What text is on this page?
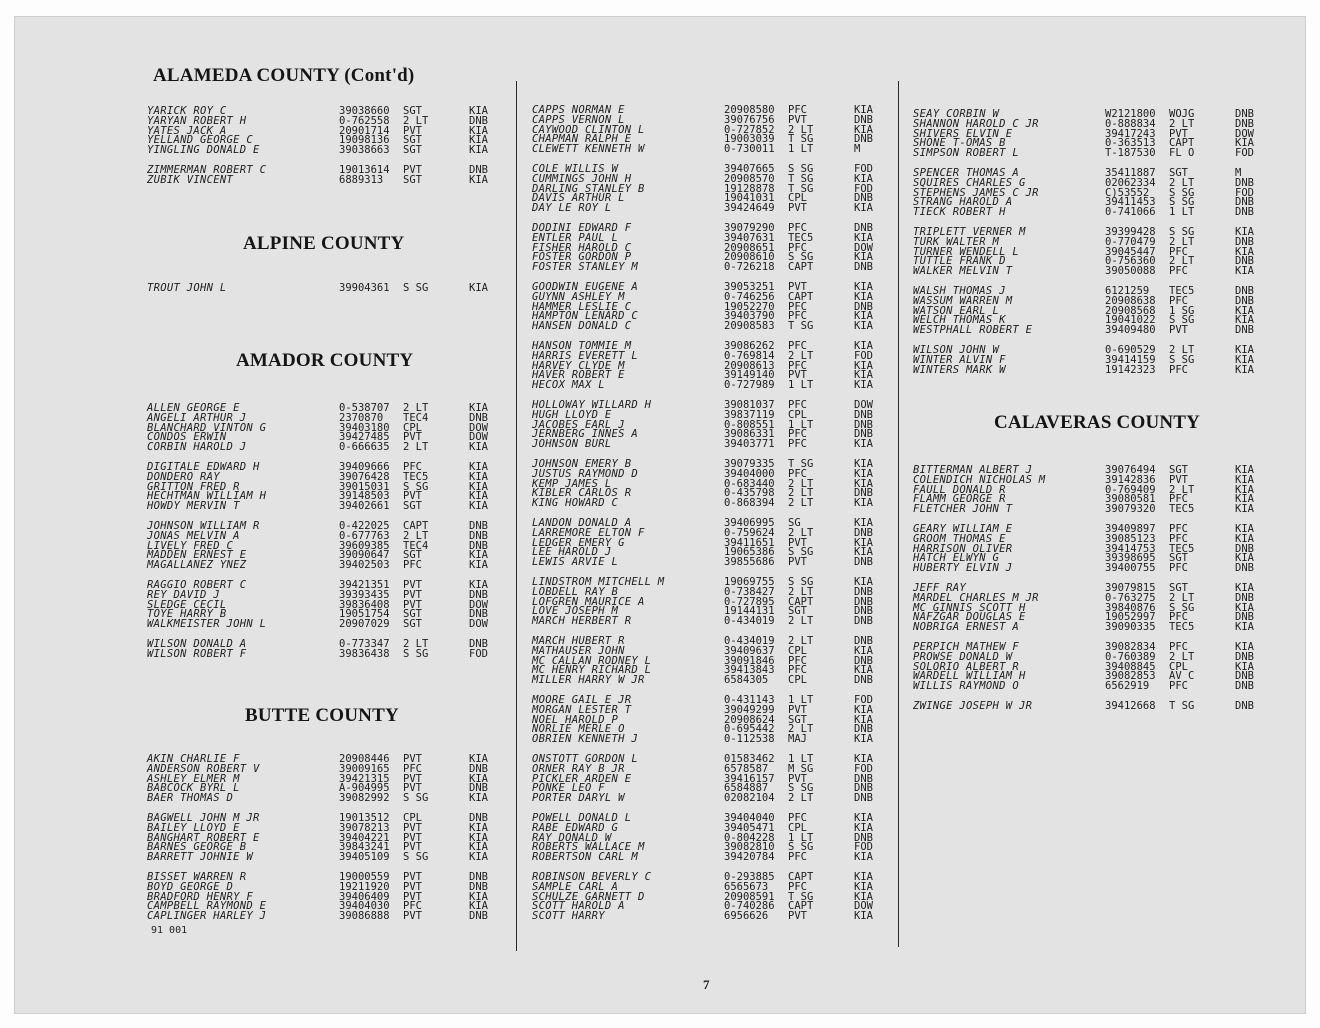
ALAMEDA COUNTY (Cont'd)
YARICK ROY C	39038660 SGT	KIA
YARYAN ROBERT H	0-762558 2 LT	DNB
YATES JACK A	20901714 PVT	KIA
YELLAND GEORGE C	19098136 SGT	KIA
YINGLING DONALD E	39038663 SGT	KIA
ZIMMERMAN ROBERT C	19013614 PVT	DNB
ZUBIK VINCENT	6889313 SGT	KIA
ALPINE COUNTY
TROUT JOHN L	39904361 S SG	KIA
AMADOR COUNTY
ALLEN GEORGE E	0-538707 2 LT	KIA
ANGELI ARTHUR J	2370870 TEC4	DNB
BLANCHARD VINTON G	39403180 CPL	DOW
CONDOS ERWIN	39427485 PVT	DOW
CORBIN HAROLD J	0-666635 2 LT	KIA
DIGITALE EDWARD H	39409666 PFC	KIA
DONDERO RAY	39076428 TEC5	KIA
GRITTON FRED R	39015031 S SG	KIA
HECHTMAN WILLIAM H	39148503 PVT	KIA
HOWDY MERVIN T	39402661 SGT	KIA
JOHNSON WILLIAM R	0-422025 CAPT	DNB
JONAS MELVIN A	0-677763 2 LT	DNB
LIVELY FRED C	39609385 TEC4	DNB
MADDEN ERNEST E	39090647 SGT	KIA
MAGALLANEZ YNEZ	39402503 PFC	KIA
RAGGIO ROBERT C	39421351 PVT	KIA
REY DAVID J	39393435 PVT	DNB
SLEDGE CECIL	39836408 PVT	DOW
TOYE HARRY B	19051754 SGT	DNB
WALKMEISTER JOHN L	20907029 SGT	DOW
WILSON DONALD A	0-773347 2 LT	DNB
WILSON ROBERT F	39836438 S SG	FOD
BUTTE COUNTY
AKIN CHARLIE F	20908446 PVT	KIA
ANDERSON ROBERT V	39009165 PFC	DNB
ASHLEY ELMER M	39421315 PVT	KIA
BABCOCK BYRL L	A-904995 PVT	DNB
BAER THOMAS D	39082992 S SG	KIA
BAGWELL JOHN M JR	19013512 CPL	DNB
BAILEY LLOYD E	39078213 PVT	KIA
BANGHART ROBERT E	39404221 PVT	KIA
BARNES GEORGE B	39843241 PVT	KIA
BARRETT JOHNIE W	39405109 S SG	KIA
BISSET WARREN R	19000559 PVT	DNB
BOYD GEORGE D	19211920 PVT	DNB
BRADFORD HENRY F	39406409 PVT	KIA
CAMPBELL RAYMOND E	39404030 PFC	KIA
CAPLINGER HARLEY J	39086888 PVT	DNB
CAPPS NORMAN E	20908580 PFC	KIA
CAPPS VERNON L	39076756 PVT	DNB
CAYWOOD CLINTON L	0-727852 2 LT	KIA
CHAPMAN RALPH E	19003039 T SG	DNB
CLEWETT KENNETH W	0-730011 1 LT	M
COLE WILLIS W	39407665 S SG	FOD
CUMMINGS JOHN H	20908570 T SG	KIA
DARLING STANLEY B	19128878 T SG	FOD
DAVIS ARTHUR L	19041031 CPL	DNB
DAY LE ROY L	39424649 PVT	KIA
DODINI EDWARD F	39079290 PFC	DNB
ENTLER PAUL L	39407631 TEC5	KIA
FISHER HAROLD C	20908651 PFC	DOW
FOSTER GORDON P	20908610 S SG	KIA
FOSTER STANLEY M	0-726218 CAPT	DNB
GOODWIN EUGENE A	39053251 PVT	KIA
GUYNN ASHLEY M	0-746256 CAPT	KIA
HAMMER LESLIE C	19052270 PFC	DNB
HAMPTON LENARD C	39403790 PFC	KIA
HANSEN DONALD C	20908583 T SG	KIA
HANSON TOMMIE M	39086262 PFC	KIA
HARRIS EVERETT L	0-769814 2 LT	FOD
HARVEY CLYDE M	20908613 PFC	KIA
HAVER ROBERT E	39149140 PVT	KIA
HECOX MAX L	0-727989 1 LT	KIA
HOLLOWAY WILLARD H	39081037 PFC	DOW
HUGH LLOYD E	39837119 CPL	DNB
JACOBES EARL J	0-808551 1 LT	DNB
JERNBERG INNES A	39086331 PFC	DNB
JOHNSON BURL	39403771 PFC	KIA
JOHNSON EMERY B	39079335 T SG	KIA
JUSTUS RAYMOND D	39404000 PFC	KIA
KEMP JAMES L	0-683440 2 LT	KIA
KIBLER CARLOS R	0-435798 2 LT	DNB
KING HOWARD C	0-868394 2 LT	KIA
LANDON DONALD A	39406995 SG	KIA
LARREMORE ELTON F	0-759624 2 LT	DNB
LEDGER EMERY G	39411651 PVT	KIA
LEE HAROLD J	19065386 S SG	KIA
LEWIS ARVIE L	39855686 PVT	DNB
LINDSTROM MITCHELL M	19069755 S SG	KIA
LOBDELL RAY B	0-738427 2 LT	DNB
LOFGREN MAURICE A	0-727895 CAPT	DNB
LOVE JOSEPH M	19144131 SGT	DNB
MARCH HERBERT R	0-434019 2 LT	DNB
MARCH HUBERT R	0-434019 2 LT	DNB
MATHAUSER JOHN	39409637 CPL	KIA
MC CALLAN RODNEY L	39091846 PFC	DNB
MC HENRY RICHARD L	39413843 PFC	KIA
MILLER HARRY W JR	6584305 CPL	DNB
MOORE GAIL E JR	0-431143 1 LT	FOD
MORGAN LESTER T	39049299 PVT	KIA
NOEL HAROLD P	20908624 SGT	KIA
NORLIE MERLE O	0-695442 2 LT	DNB
OBRIEN KENNETH J	0-112538 MAJ	KIA
ONSTOTT GORDON L	01583462 1 LT	KIA
ORNER RAY B JR	6578587 M SG	FOD
PICKLER ARDEN E	39416157 PVT	DNB
PONKE LEO F	6584887 S SG	DNB
PORTER DARYL W	02082104 2 LT	DNB
POWELL DONALD L	39404040 PFC	KIA
RABE EDWARD G	39405471 CPL	KIA
RAY DONALD W	0-804228 1 LT	DNB
ROBERTS WALLACE M	39082810 S SG	FOD
ROBERTSON CARL M	39420784 PFC	KIA
ROBINSON BEVERLY C	0-293885 CAPT	KIA
SAMPLE CARL A	6565673 PFC	KIA
SCHULZE GARNETT D	20908591 T SG	KIA
SCOTT HAROLD A	0-740286 CAPT	DOW
SCOTT HARRY	6956626 PVT	KIA
SEAY CORBIN W	W2121800 WOJG	DNB
SHANNON HAROLD C JR	0-888834 2 LT	DNB
SHIVERS ELVIN E	39417243 PVT	DOW
SHONE T-OMAS B	0-363513 CAPT	KIA
SIMPSON ROBERT L	T-187530 FL O	FOD
SPENCER THOMAS A	35411887 SGT	M
SQUIRES CHARLES G	02062334 2 LT	DNB
STEPHENS JAMES C JR	C)53552 S SG	FOD
STRANG HAROLD A	39411453 S SG	DNB
TIECK ROBERT H	0-741066 1 LT	DNB
TRIPLETT VERNER M	39399428 S SG	KIA
TURK WALTER M	0-770479 2 LT	DNB
TURNER WENDELL L	39045447 PFC	KIA
TUTTLE FRANK D	0-756360 2 LT	DNB
WALKER MELVIN T	39050088 PFC	KIA
WALSH THOMAS J	6121259 TEC5	DNB
WASSUM WARREN M	20908638 PFC	DNB
WATSON EARL L	20908568 1 SG	KIA
WELCH THOMAS K	19041022 S SG	KIA
WESTPHALL ROBERT E	39409480 PVT	DNB
WILSON JOHN W	0-690529 2 LT	KIA
WINTER ALVIN F	39414159 S SG	KIA
WINTERS MARK W	19142323 PFC	KIA
CALAVERAS COUNTY
BITTERMAN ALBERT J	39076494 SGT	KIA
COLENDICH NICHOLAS M	39142836 PVT	KIA
FAULL DONALD R	0-769409 2 LT	KIA
FLAMM GEORGE R	39080581 PFC	KIA
FLETCHER JOHN T	39079320 TEC5	KIA
GEARY WILLIAM E	39409897 PFC	KIA
GROOM THOMAS E	39085123 PFC	KIA
HARRISON OLIVER	39414753 TEC5	DNB
HATCH ELWYN G	39398695 SGT	KIA
HUBERTY ELVIN J	39400755 PFC	DNB
JEFF RAY	39079815 SGT	KIA
MARDEL CHARLES M JR	0-763275 2 LT	DNB
MC GINNIS SCOTT H	39840876 S SG	KIA
NAFZGAR DOUGLAS E	19052997 PFC	DNB
NOBRIGA ERNEST A	39090335 TEC5	KIA
PERPICH MATHEW F	39082834 PFC	KIA
PROWSE DONALD W	0-760389 2 LT	DNB
SOLORIO ALBERT R	39408845 CPL	KIA
WARDELL WILLIAM H	39082853 AV C	DNB
WILLIS RAYMOND O	6562919 PFC	DNB
ZWINGE JOSEPH W JR	39412668 T SG	DNB
91 001
7
